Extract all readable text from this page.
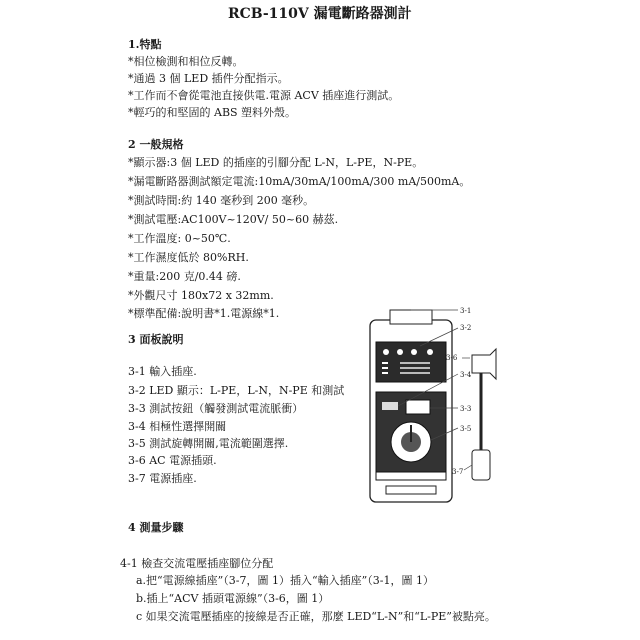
RCB-110V 漏電斷路器測計
1.特點
*相位檢測和相位反轉。
*通過 3 個 LED 插件分配指示。
*工作而不會從電池直接供電.電源 ACV 插座進行測試。
*輕巧的和堅固的 ABS 塑料外殼。
2 一般規格
*顯示器:3 個 LED 的插座的引腳分配 L-N，L-PE，N-PE。
*漏電斷路器測試額定電流:10mA/30mA/100mA/300 mA/500mA。
*測試時間:約 140 毫秒到 200 毫秒。
*測試電壓:AC100V~120V/ 50~60 赫茲.
*工作溫度: 0~50℃.
*工作濕度低於 80%RH.
*重量:200 克/0.44 磅.
*外觀尺寸 180x72 x 32mm.
*標準配備:說明書*1.電源線*1.
3 面板說明
3-1 輸入插座.
3-2 LED 顯示：L-PE，L-N，N-PE 和測試
3-3 測試按鈕（觸發測試電流脈衝）
3-4 相極性選擇開關
3-5 測試旋轉開關,電流範圍選擇.
3-6 AC 電源插頭.
3-7 電源插座.
4 測量步驟
4-1 檢查交流電壓插座腳位分配
a.把“電源線插座”（3-7，圖 1）插入“輸入插座”（3-1，圖 1）
b.插上“ACV 插頭電源線”（3-6，圖 1）
c 如果交流電壓插座的接線是否正確，那麼 LED“L-N”和“L-PE”被點亮。
3-1
3-2
3-6
3-4
3-3
3-5
3-7
